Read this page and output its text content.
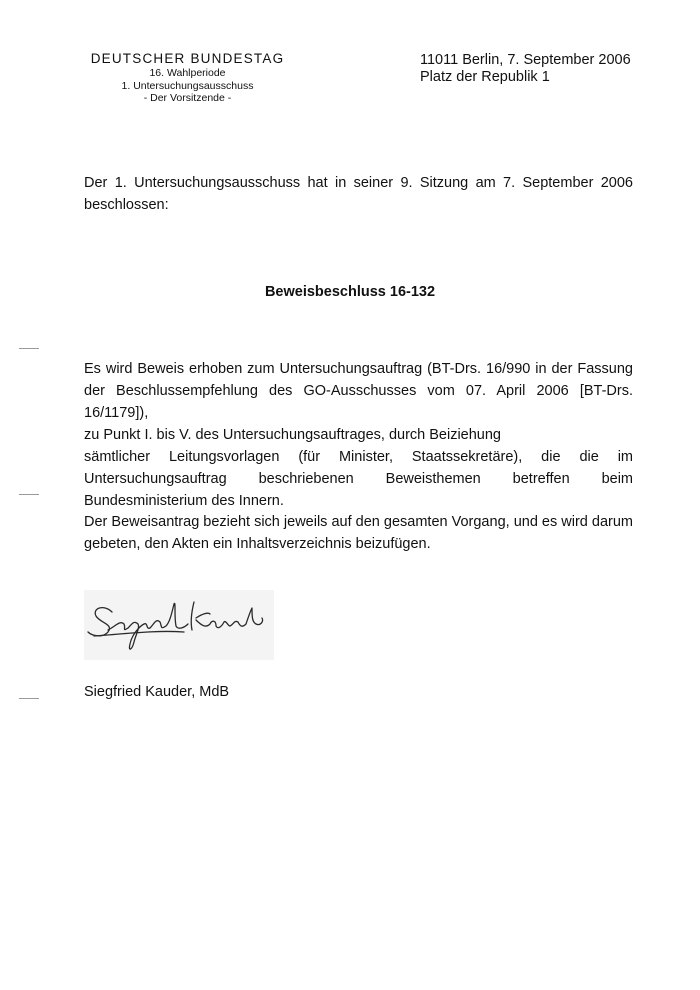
DEUTSCHER BUNDESTAG
16. Wahlperiode
1. Untersuchungsausschuss
- Der Vorsitzende -
11011 Berlin, 7. September 2006
Platz der Republik 1
Der 1. Untersuchungsausschuss hat in seiner 9. Sitzung am 7. September 2006 beschlossen:
Beweisbeschluss 16-132
Es wird Beweis erhoben zum Untersuchungsauftrag (BT-Drs. 16/990 in der Fassung
der Beschlussempfehlung des GO-Ausschusses vom 07. April 2006 [BT-Drs. 16/1179]),
zu Punkt I. bis V. des Untersuchungsauftrages, durch Beiziehung
sämtlicher Leitungsvorlagen (für Minister, Staatssekretäre), die die im Untersuchungsauftrag beschriebenen Beweisthemen betreffen beim Bundesministerium des Innern.
Der Beweisantrag bezieht sich jeweils auf den gesamten Vorgang, und es wird darum gebeten, den Akten ein Inhaltsverzeichnis beizufügen.
Siegfried Kauder, MdB
